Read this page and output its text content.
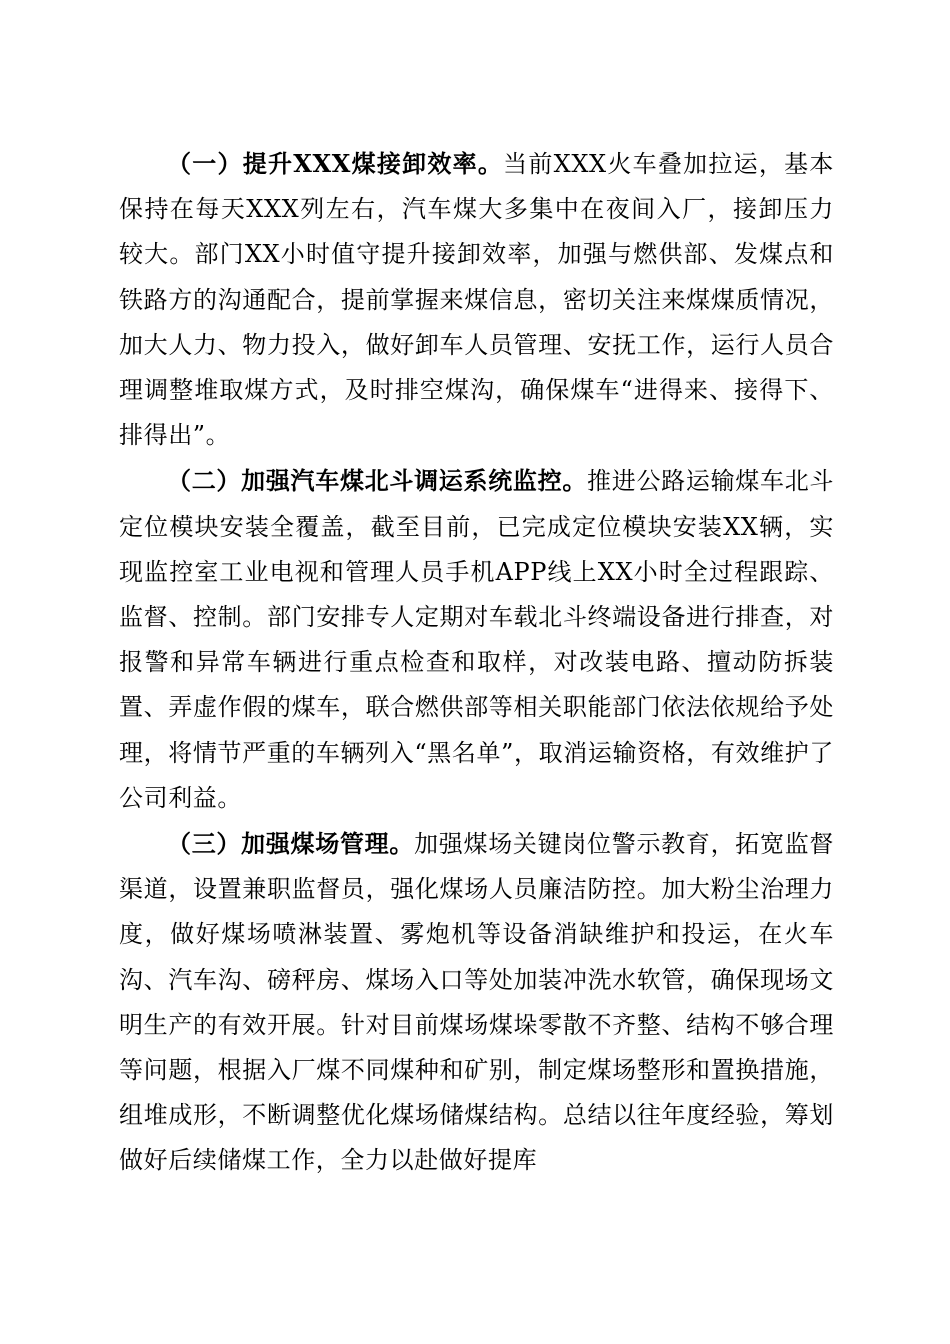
（一）提升XXX煤接卸效率。当前XXX火车叠加拉运，基本保持在每天XXX列左右，汽车煤大多集中在夜间入厂，接卸压力较大。部门XX小时值守提升接卸效率，加强与燃供部、发煤点和铁路方的沟通配合，提前掌握来煤信息，密切关注来煤煤质情况，加大人力、物力投入，做好卸车人员管理、安抚工作，运行人员合理调整堆取煤方式，及时排空煤沟，确保煤车“进得来、接得下、排得出”。

（二）加强汽车煤北斗调运系统监控。推进公路运输煤车北斗定位模块安装全覆盖，截至目前，已完成定位模块安装XX辆，实现监控室工业电视和管理人员手机APP线上XX小时全过程跟踪、监督、控制。部门安排专人定期对车载北斗终端设备进行排查，对报警和异常车辆进行重点检查和取样，对改装电路、擅动防拆装置、弄虚作假的煤车，联合燃供部等相关职能部门依法依规给予处理，将情节严重的车辆列入“黑名单”，取消运输资格，有效维护了公司利益。

（三）加强煤场管理。加强煤场关键岗位警示教育，拓宽监督渠道，设置兼职监督员，强化煤场人员廉洁防控。加大粉尘治理力度，做好煤场喷淋装置、雾炮机等设备消缺维护和投运，在火车沟、汽车沟、磅秤房、煤场入口等处加装冲洗水软管，确保现场文明生产的有效开展。针对目前煤场煤垛零散不齐整、结构不够合理等问题，根据入厂煤不同煤种和矿别，制定煤场整形和置换措施，组堆成形，不断调整优化煤场储煤结构。总结以往年度经验，筹划做好后续储煤工作，全力以赴做好提库
